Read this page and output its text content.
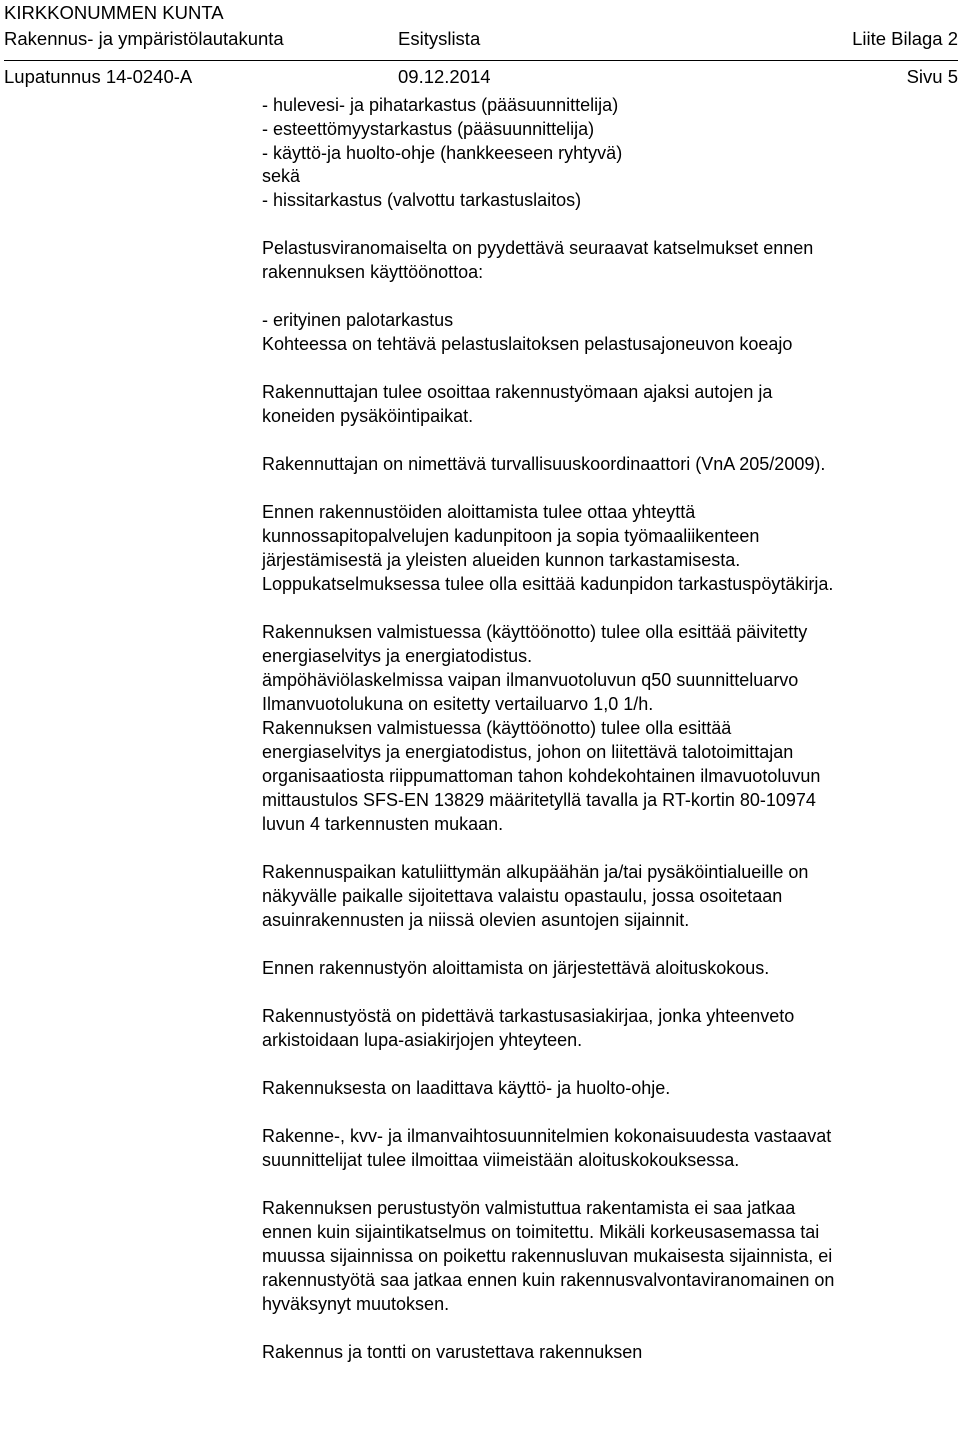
KIRKKONUMMEN KUNTA
Rakennus- ja ympäristölautakunta	Esityslista	Liite Bilaga 2
Lupatunnus 14-0240-A	09.12.2014	Sivu 5
- hulevesi- ja pihatarkastus (pääsuunnittelija)
- esteettömyystarkastus (pääsuunnittelija)
- käyttö-ja huolto-ohje (hankkeeseen ryhtyvä)
sekä
- hissitarkastus (valvottu tarkastuslaitos)
Pelastusviranomaiselta on pyydettävä seuraavat katselmukset ennen
rakennuksen käyttöönottoa:
- erityinen palotarkastus
Kohteessa on tehtävä pelastuslaitoksen pelastusajoneuvon koeajo
Rakennuttajan tulee osoittaa rakennustyömaan ajaksi autojen ja
koneiden pysäköintipaikat.
Rakennuttajan on nimettävä turvallisuuskoordinaattori (VnA 205/2009).
Ennen rakennustöiden aloittamista tulee ottaa yhteyttä
kunnossapitopalvelujen kadunpitoon ja sopia työmaaliikenteen
järjestämisestä ja yleisten alueiden kunnon tarkastamisesta.
Loppukatselmuksessa tulee olla esittää kadunpidon tarkastuspöytäkirja.
Rakennuksen valmistuessa (käyttöönotto) tulee olla esittää päivitetty
energiaselvitys ja energiatodistus.
ämpöhäviölaskelmissa vaipan ilmanvuotoluvun q50 suunnitteluarvo
Ilmanvuotolukuna on esitetty vertailuarvo 1,0 1/h.
Rakennuksen valmistuessa (käyttöönotto) tulee olla esittää
energiaselvitys ja energiatodistus, johon on liitettävä talotoimittajan
organisaatiosta riippumattoman tahon kohdekohtainen ilmavuotoluvun
mittaustulos SFS-EN 13829 määritetyllä tavalla ja RT-kortin 80-10974
luvun 4 tarkennusten mukaan.
Rakennuspaikan katuliittymän alkupäähän ja/tai pysäköintialueille on
näkyvälle paikalle sijoitettava valaistu opastaulu, jossa osoitetaan
asuinrakennusten ja niissä olevien asuntojen sijainnit.
Ennen rakennustyön aloittamista on järjestettävä aloituskokous.
Rakennustyöstä on pidettävä tarkastusasiakirjaa, jonka yhteenveto
arkistoidaan lupa-asiakirjojen yhteyteen.
Rakennuksesta on laadittava käyttö- ja huolto-ohje.
Rakenne-, kvv- ja ilmanvaihtosuunnitelmien kokonaisuudesta vastaavat
suunnittelijat tulee ilmoittaa viimeistään aloituskokouksessa.
Rakennuksen perustustyön valmistuttua rakentamista ei saa jatkaa
ennen kuin sijaintikatselmus on toimitettu. Mikäli korkeusasemassa tai
muussa sijainnissa on poikettu rakennusluvan mukaisesta sijainnista, ei
rakennustyötä saa jatkaa ennen kuin rakennusvalvontaviranomainen on
hyväksynyt muutoksen.
Rakennus ja tontti on varustettava rakennuksen
